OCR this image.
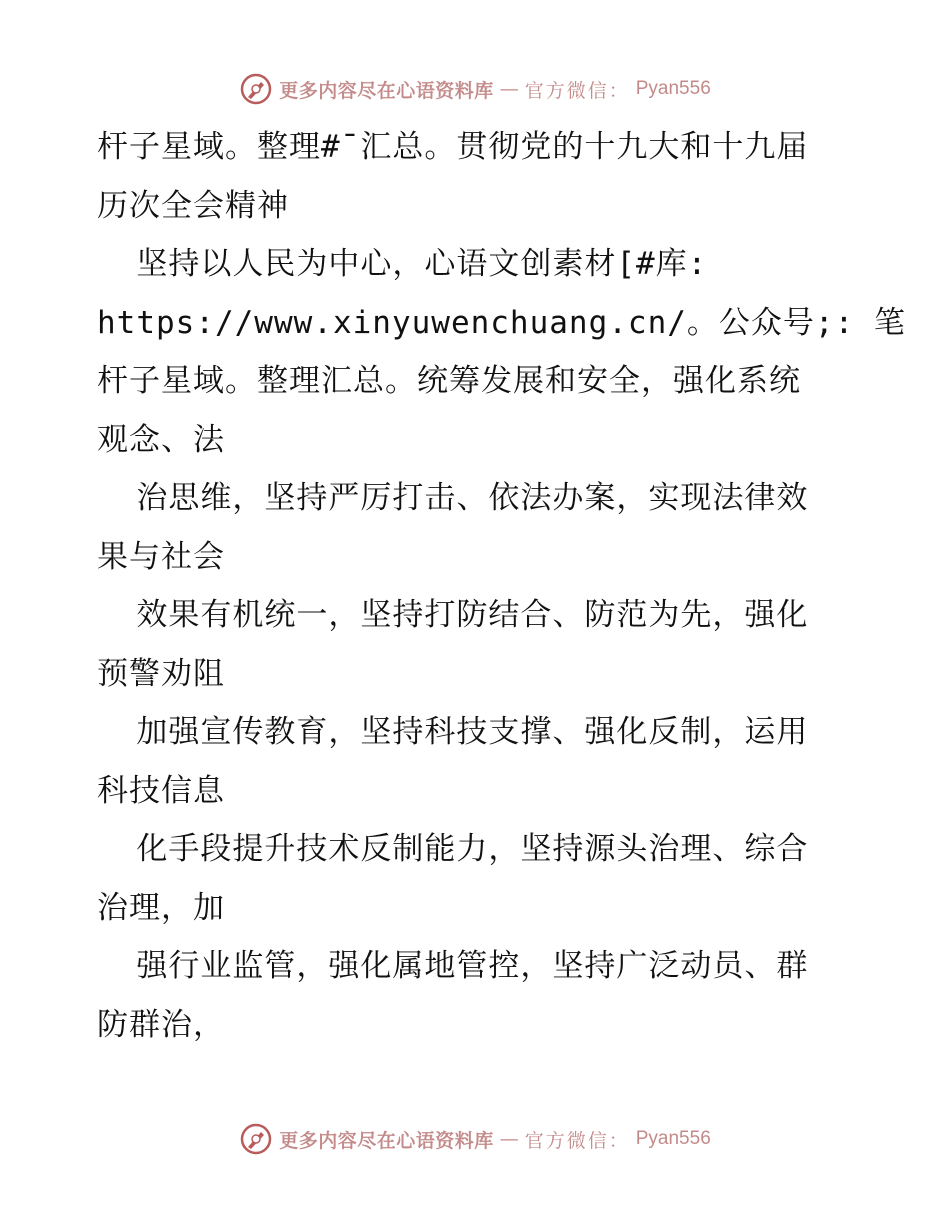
更多内容尽在心语资料库 — 官方微信： Pyan556
杆子星域。整理#¯汇总。贯彻党的十九大和十九届
历次全会精神
坚持以人民为中心，心语文创素材[#库:
https://www.xinyuwenchuang.cn/。公众号;: 笔
杆子星域。整理汇总。统筹发展和安全，强化系统
观念、法
治思维，坚持严厉打击、依法办案，实现法律效
果与社会
效果有机统一，坚持打防结合、防范为先，强化
预警劝阻
加强宣传教育，坚持科技支撑、强化反制，运用
科技信息
化手段提升技术反制能力，坚持源头治理、综合
治理，加
强行业监管，强化属地管控，坚持广泛动员、群
防群治，
更多内容尽在心语资料库 — 官方微信： Pyan556
